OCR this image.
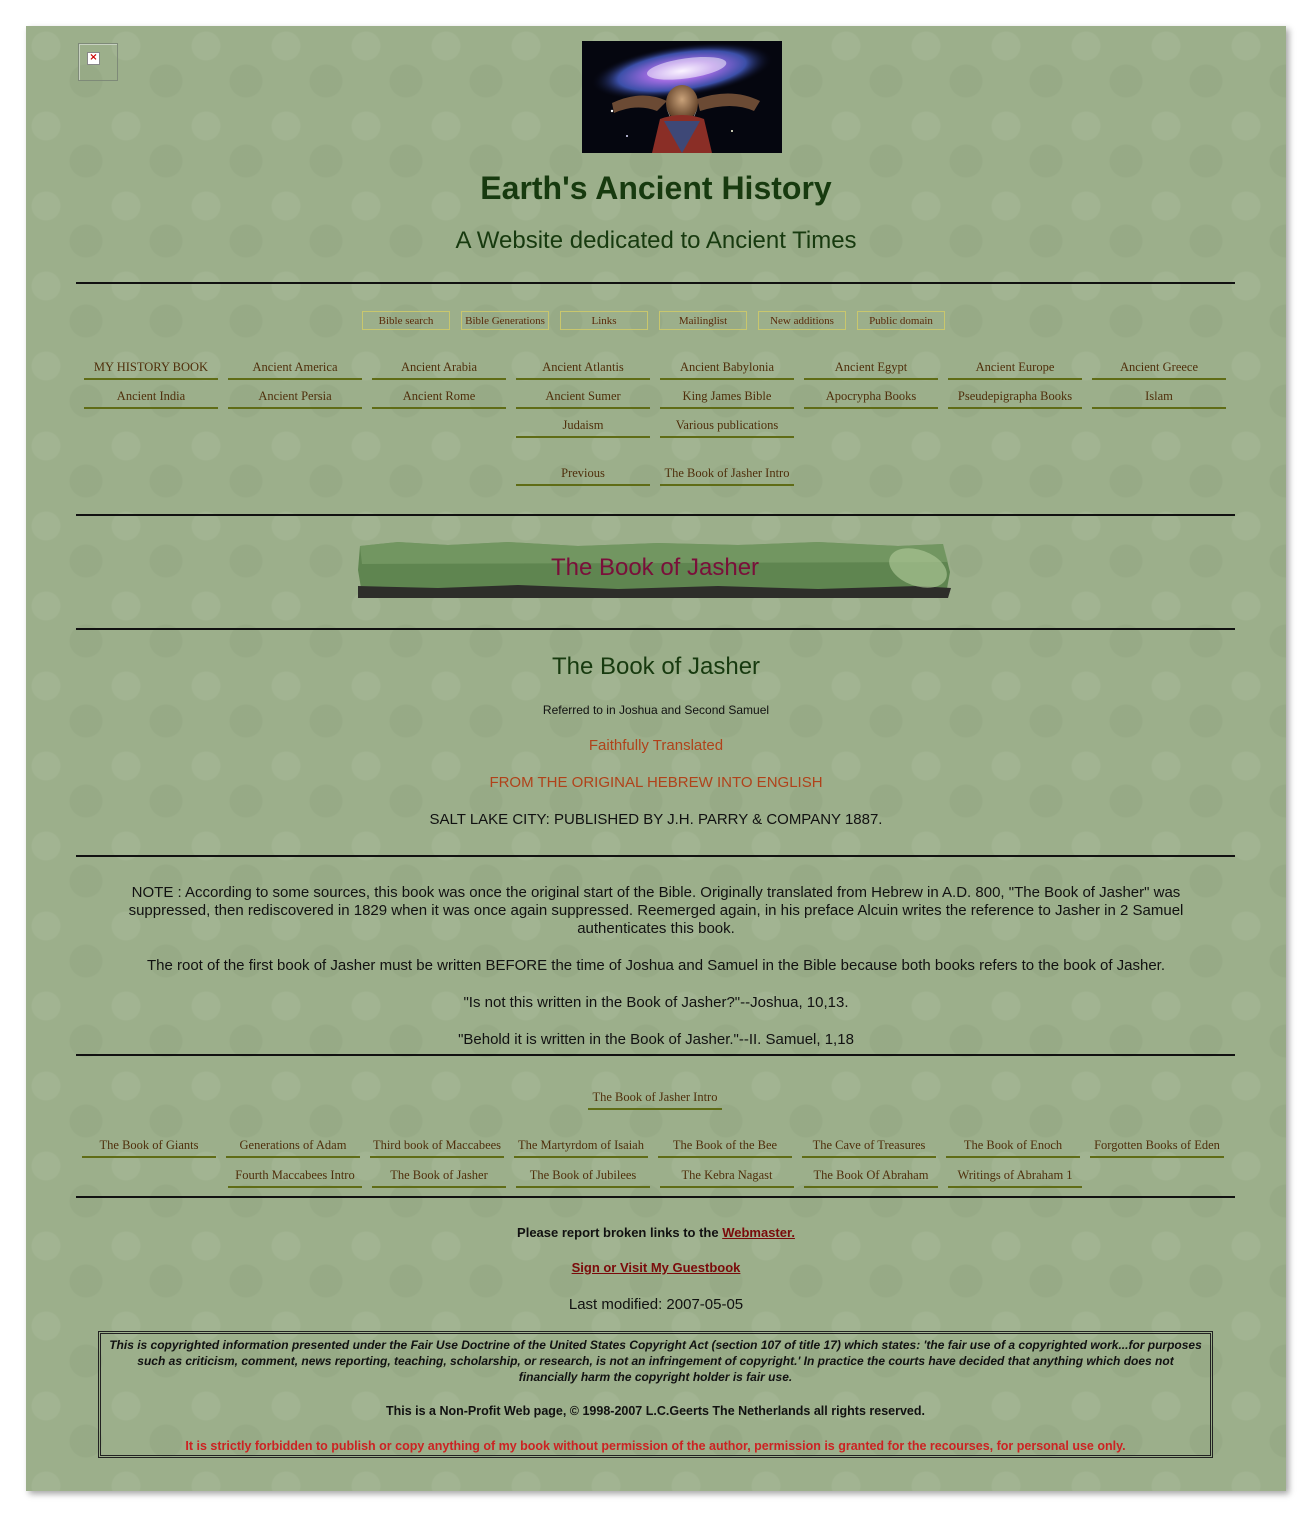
×
Earth's Ancient History
A Website dedicated to Ancient Times
Bible search	Bible Generations	Links	Mailinglist	New additions	Public domain
MY HISTORY BOOK	Ancient America	Ancient Arabia	Ancient Atlantis	Ancient Babylonia	Ancient Egypt	Ancient Europe	Ancient Greece
Ancient India	Ancient Persia	Ancient Rome	Ancient Sumer	King James Bible	Apocrypha Books	Pseudepigrapha Books	Islam
Judaism	Various publications
Previous	The Book of Jasher Intro
The Book of Jasher
The Book of Jasher
Referred to in Joshua and Second Samuel
Faithfully Translated
FROM THE ORIGINAL HEBREW INTO ENGLISH
SALT LAKE CITY: PUBLISHED BY J.H. PARRY & COMPANY 1887.
NOTE : According to some sources, this book was once the original start of the Bible. Originally translated from Hebrew in A.D. 800, "The Book of Jasher" was suppressed, then rediscovered in 1829 when it was once again suppressed. Reemerged again, in his preface Alcuin writes the reference to Jasher in 2 Samuel authenticates this book.
The root of the first book of Jasher must be written BEFORE the time of Joshua and Samuel in the Bible because both books refers to the book of Jasher.
"Is not this written in the Book of Jasher?"--Joshua, 10,13.
"Behold it is written in the Book of Jasher."--II. Samuel, 1,18
The Book of Jasher Intro
The Book of Giants	Generations of Adam	Third book of Maccabees	The Martyrdom of Isaiah	The Book of the Bee	The Cave of Treasures	The Book of Enoch	Forgotten Books of Eden
Fourth Maccabees Intro	The Book of Jasher	The Book of Jubilees	The Kebra Nagast	The Book Of Abraham	Writings of Abraham 1
Please report broken links to the Webmaster.
Sign or Visit My Guestbook
Last modified: 2007-05-05
This is copyrighted information presented under the Fair Use Doctrine of the United States Copyright Act (section 107 of title 17) which states: 'the fair use of a copyrighted work...for purposes such as criticism, comment, news reporting, teaching, scholarship, or research, is not an infringement of copyright.' In practice the courts have decided that anything which does not financially harm the copyright holder is fair use.
This is a Non-Profit Web page, © 1998-2007 L.C.Geerts The Netherlands all rights reserved.
It is strictly forbidden to publish or copy anything of my book without permission of the author, permission is granted for the recourses, for personal use only.
